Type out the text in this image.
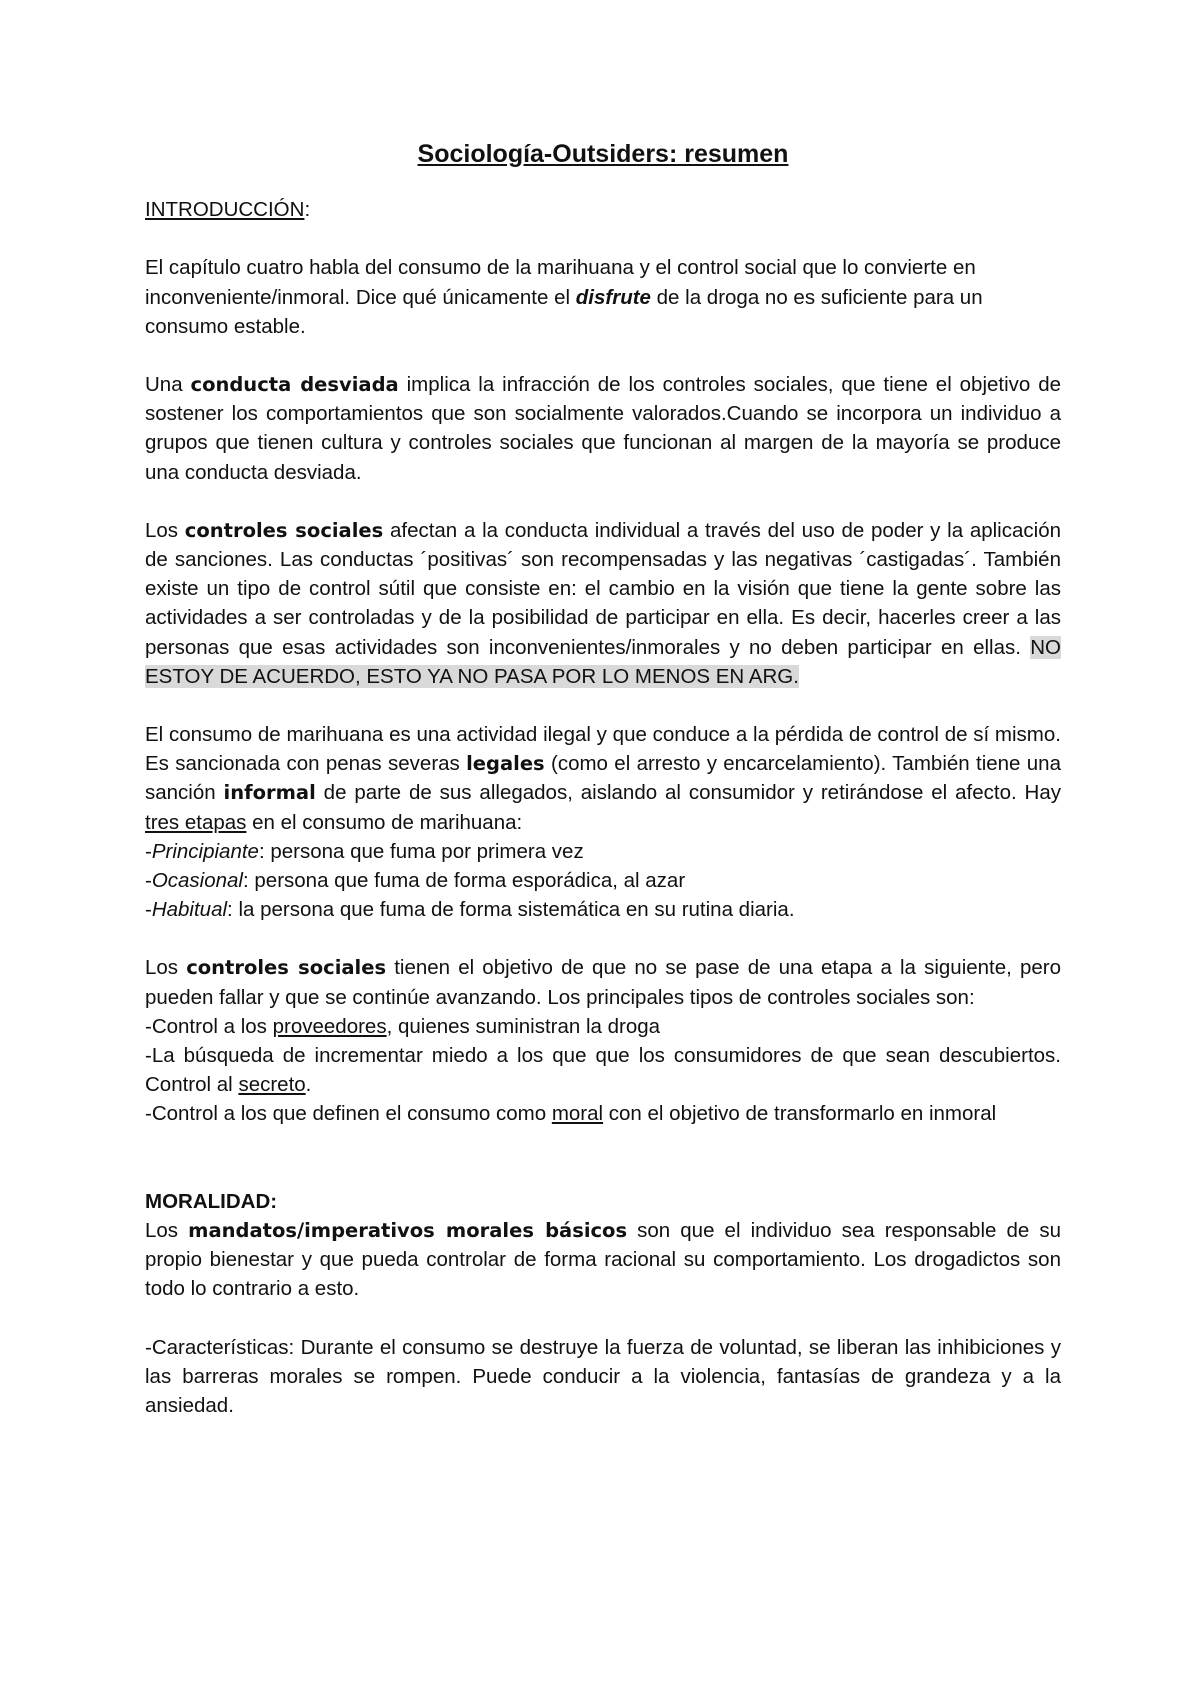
Sociología-Outsiders: resumen

INTRODUCCIÓN:

El capítulo cuatro habla del consumo de la marihuana y el control social que lo convierte en inconveniente/inmoral. Dice qué únicamente el disfrute de la droga no es suficiente para un consumo estable.

Una conducta desviada implica la infracción de los controles sociales, que tiene el objetivo de sostener los comportamientos que son socialmente valorados.Cuando se incorpora un individuo a grupos que tienen cultura y controles sociales que funcionan al margen de la mayoría se produce una conducta desviada.

Los controles sociales afectan a la conducta individual a través del uso de poder y la aplicación de sanciones. Las conductas ´positivas´ son recompensadas y las negativas ´castigadas´. También existe un tipo de control sútil que consiste en: el cambio en la visión que tiene la gente sobre las actividades a ser controladas y de la posibilidad de participar en ella. Es decir, hacerles creer a las personas que esas actividades son inconvenientes/inmorales y no deben participar en ellas. NO ESTOY DE ACUERDO, ESTO YA NO PASA POR LO MENOS EN ARG.

El consumo de marihuana es una actividad ilegal y que conduce a la pérdida de control de sí mismo. Es sancionada con penas severas legales (como el arresto y encarcelamiento). También tiene una sanción informal de parte de sus allegados, aislando al consumidor y retirándose el afecto. Hay tres etapas en el consumo de marihuana:

-Principiante: persona que fuma por primera vez

-Ocasional: persona que fuma de forma esporádica, al azar

-Habitual: la persona que fuma de forma sistemática en su rutina diaria.

Los controles sociales tienen el objetivo de que no se pase de una etapa a la siguiente, pero pueden fallar y que se continúe avanzando. Los principales tipos de controles sociales son:

-Control a los proveedores, quienes suministran la droga

-La búsqueda de incrementar miedo a los que que los consumidores de que sean descubiertos. Control al secreto.

-Control a los que definen el consumo como moral con el objetivo de transformarlo en inmoral

MORALIDAD:

Los mandatos/imperativos morales básicos son que el individuo sea responsable de su propio bienestar y que pueda controlar de forma racional su comportamiento. Los drogadictos son todo lo contrario a esto.

-Características: Durante el consumo se destruye la fuerza de voluntad, se liberan las inhibiciones y las barreras morales se rompen. Puede conducir a la violencia, fantasías de grandeza y a la ansiedad.
